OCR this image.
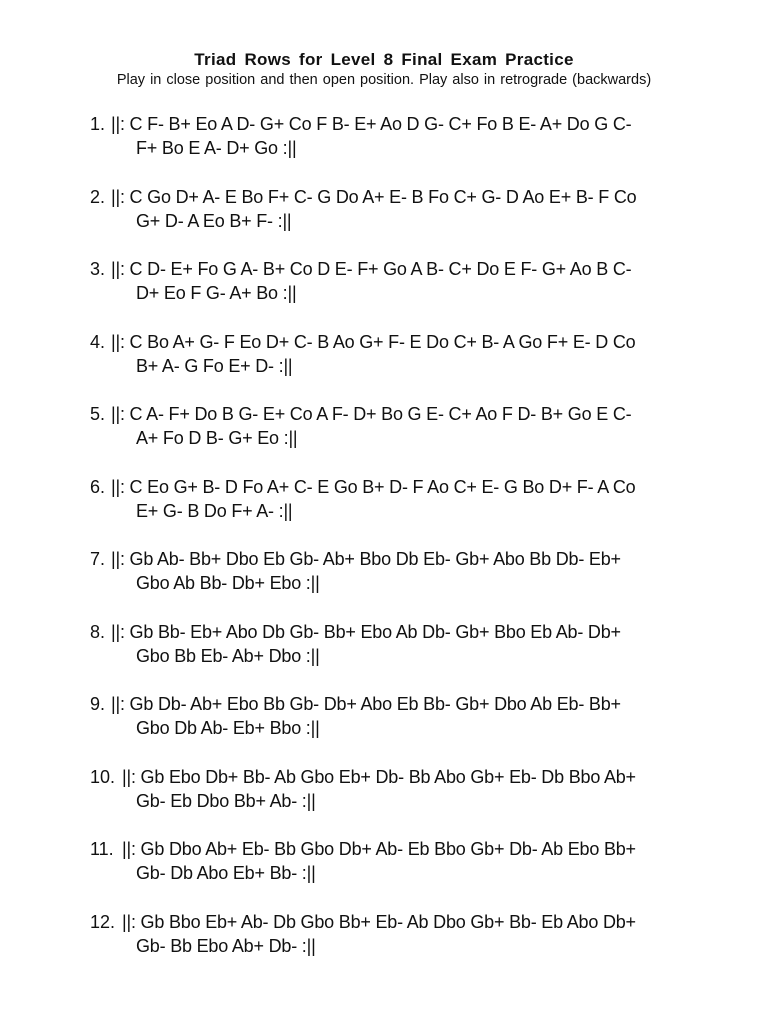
Triad Rows for Level 8 Final Exam Practice
Play in close position and then open position. Play also in retrograde (backwards)
1. ||: C F- B+ Eo A D- G+ Co F B- E+ Ao D G- C+ Fo B E- A+ Do G C-
F+ Bo E A- D+ Go :||
2. ||: C Go D+ A- E Bo F+ C- G Do A+ E- B Fo C+ G- D Ao E+ B- F Co
G+ D- A Eo B+ F- :||
3. ||: C D- E+ Fo G A- B+ Co D E- F+ Go A B- C+ Do E F- G+ Ao B C-
D+ Eo F G- A+ Bo :||
4. ||: C Bo A+ G- F Eo D+ C- B Ao G+ F- E Do C+ B- A Go F+ E- D Co
B+ A- G Fo E+ D- :||
5. ||: C A- F+ Do B G- E+ Co A F- D+ Bo G E- C+ Ao F D- B+ Go E C-
A+ Fo D B- G+ Eo :||
6. ||: C Eo G+ B- D Fo A+ C- E Go B+ D- F Ao C+ E- G Bo D+ F- A Co
E+ G- B Do F+ A- :||
7. ||: Gb Ab- Bb+ Dbo Eb Gb- Ab+ Bbo Db Eb- Gb+ Abo Bb Db- Eb+
Gbo Ab Bb- Db+ Ebo :||
8. ||: Gb Bb- Eb+ Abo Db Gb- Bb+ Ebo Ab Db- Gb+ Bbo Eb Ab- Db+
Gbo Bb Eb- Ab+ Dbo :||
9. ||: Gb Db- Ab+ Ebo Bb Gb- Db+ Abo Eb Bb- Gb+ Dbo Ab Eb- Bb+
Gbo Db Ab- Eb+ Bbo :||
10. ||: Gb Ebo Db+ Bb- Ab Gbo Eb+ Db- Bb Abo Gb+ Eb- Db Bbo Ab+
Gb- Eb Dbo Bb+ Ab- :||
11. ||: Gb Dbo Ab+ Eb- Bb Gbo Db+ Ab- Eb Bbo Gb+ Db- Ab Ebo Bb+
Gb- Db Abo Eb+ Bb- :||
12. ||: Gb Bbo Eb+ Ab- Db Gbo Bb+ Eb- Ab Dbo Gb+ Bb- Eb Abo Db+
Gb- Bb Ebo Ab+ Db- :||
